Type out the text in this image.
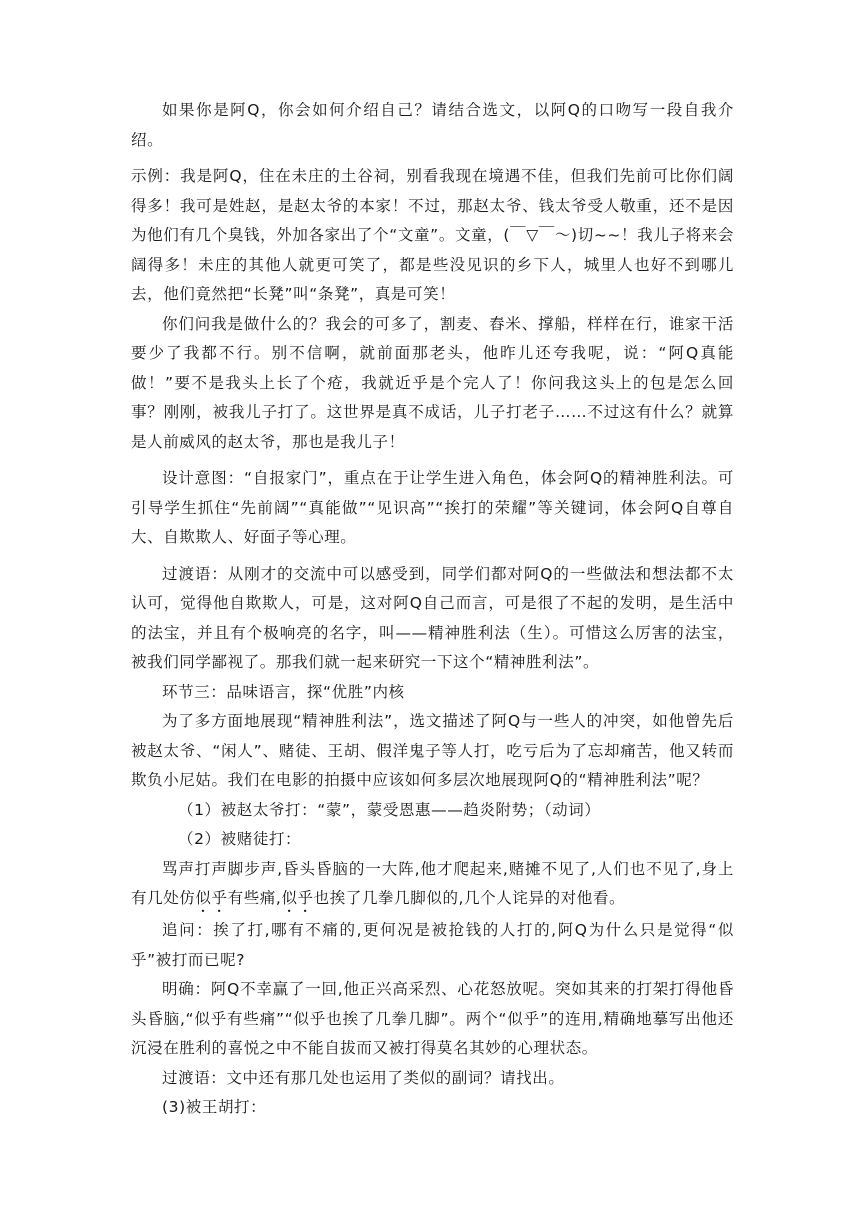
如果你是阿Q，你会如何介绍自己？请结合选文，以阿Q的口吻写一段自我介绍。

示例：我是阿Q，住在未庄的土谷祠，别看我现在境遇不佳，但我们先前可比你们阔得多！我可是姓赵，是赵太爷的本家！不过，那赵太爷、钱太爷受人敬重，还不是因为他们有几个臭钱，外加各家出了个“文童”。文童，(￣▽￣～)切~~！我儿子将来会阔得多！未庄的其他人就更可笑了，都是些没见识的乡下人，城里人也好不到哪儿去，他们竟然把“长凳”叫“条凳”，真是可笑！

你们问我是做什么的？我会的可多了，割麦、舂米、撑船，样样在行，谁家干活要少了我都不行。别不信啊，就前面那老头，他昨儿还夸我呢，说：“阿Q真能做！”要不是我头上长了个疮，我就近乎是个完人了！你问我这头上的包是怎么回事？刚刚，被我儿子打了。这世界是真不成话，儿子打老子……不过这有什么？就算是人前威风的赵太爷，那也是我儿子！

设计意图：“自报家门”，重点在于让学生进入角色，体会阿Q的精神胜利法。可引导学生抓住“先前阔”“真能做”“见识高”“挨打的荣耀”等关键词，体会阿Q自尊自大、自欺欺人、好面子等心理。

过渡语：从刚才的交流中可以感受到，同学们都对阿Q的一些做法和想法都不太认可，觉得他自欺欺人，可是，这对阿Q自己而言，可是很了不起的发明，是生活中的法宝，并且有个极响亮的名字，叫——精神胜利法（生）。可惜这么厉害的法宝，被我们同学鄙视了。那我们就一起来研究一下这个“精神胜利法”。

环节三：品味语言，探“优胜”内核

为了多方面地展现“精神胜利法”，选文描述了阿Q与一些人的冲突，如他曾先后被赵太爷、“闲人”、赌徒、王胡、假洋鬼子等人打，吃亏后为了忘却痛苦，他又转而欺负小尼姑。我们在电影的拍摄中应该如何多层次地展现阿Q的“精神胜利法”呢？

（1）被赵太爷打：“蒙”，蒙受恩惠——趋炎附势；（动词）

（2）被赌徒打：

骂声打声脚步声,昏头昏脑的一大阵,他才爬起来,赌摊不见了,人们也不见了,身上有几处仿似乎有些痛,似乎也挨了几拳几脚似的,几个人诧异的对他看。

追问：挨了打,哪有不痛的,更何况是被抢钱的人打的,阿Q为什么只是觉得“似乎”被打而已呢?

明确：阿Q不幸赢了一回,他正兴高采烈、心花怒放呢。突如其来的打架打得他昏头昏脑,“似乎有些痛”“似乎也挨了几拳几脚”。两个“似乎”的连用,精确地摹写出他还沉浸在胜利的喜悦之中不能自拔而又被打得莫名其妙的心理状态。

过渡语：文中还有那几处也运用了类似的副词？请找出。

(3)被王胡打：
